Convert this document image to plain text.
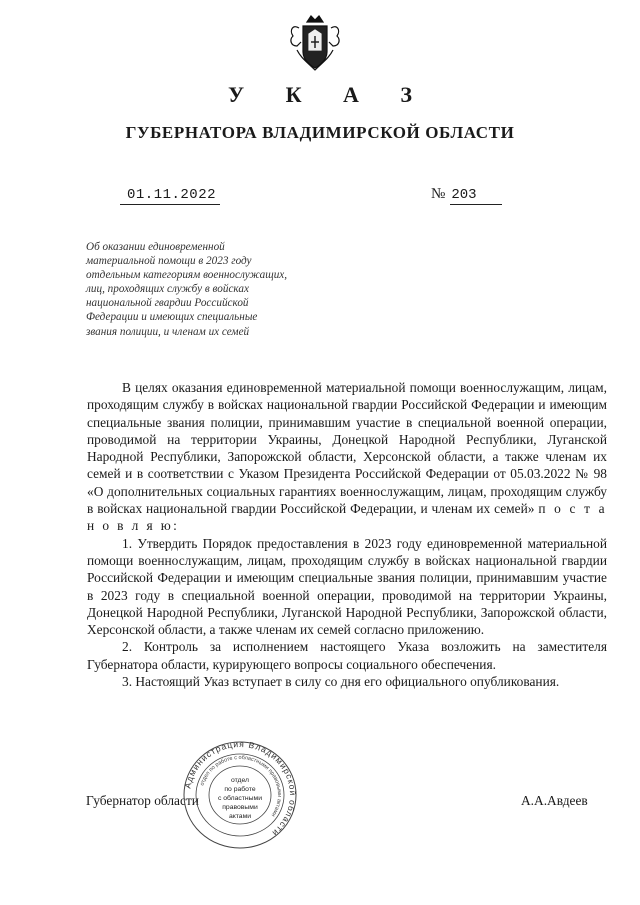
У К А З
ГУБЕРНАТОРА ВЛАДИМИРСКОЙ ОБЛАСТИ
01.11.2022	№ 203
Об оказании единовременной
материальной помощи в 2023 году
отдельным категориям военнослужащих,
лиц, проходящих службу в войсках
национальной гвардии Российской
Федерации и имеющих специальные
звания полиции, и членам их семей

В целях оказания единовременной материальной помощи военнослужащим, лицам, проходящим службу в войсках национальной гвардии Российской Федерации и имеющим специальные звания полиции, принимавшим участие в специальной военной операции, проводимой на территории Украины, Донецкой Народной Республики, Луганской Народной Республики, Запорожской области, Херсонской области, а также членам их семей и в соответствии с Указом Президента Российской Федерации от 05.03.2022 № 98 «О дополнительных социальных гарантиях военнослужащим, лицам, проходящим службу в войсках национальной гвардии Российской Федерации, и членам их семей» п о с т а н о в л я ю:

1. Утвердить Порядок предоставления в 2023 году единовременной материальной помощи военнослужащим, лицам, проходящим службу в войсках национальной гвардии Российской Федерации и имеющим специальные звания полиции, принимавшим участие в 2023 году в специальной военной операции, проводимой на территории Украины, Донецкой Народной Республики, Луганской Народной Республики, Запорожской области, Херсонской области, а также членам их семей согласно приложению.

2. Контроль за исполнением настоящего Указа возложить на заместителя Губернатора области, курирующего вопросы социального обеспечения.

3. Настоящий Указ вступает в силу со дня его официального опубликования.

Губернатор области	А.А.Авдеев
Администрация Владимирской области
отдел по работе с областными правовыми актами
отдел
по работе
с областными
правовыми
актами
